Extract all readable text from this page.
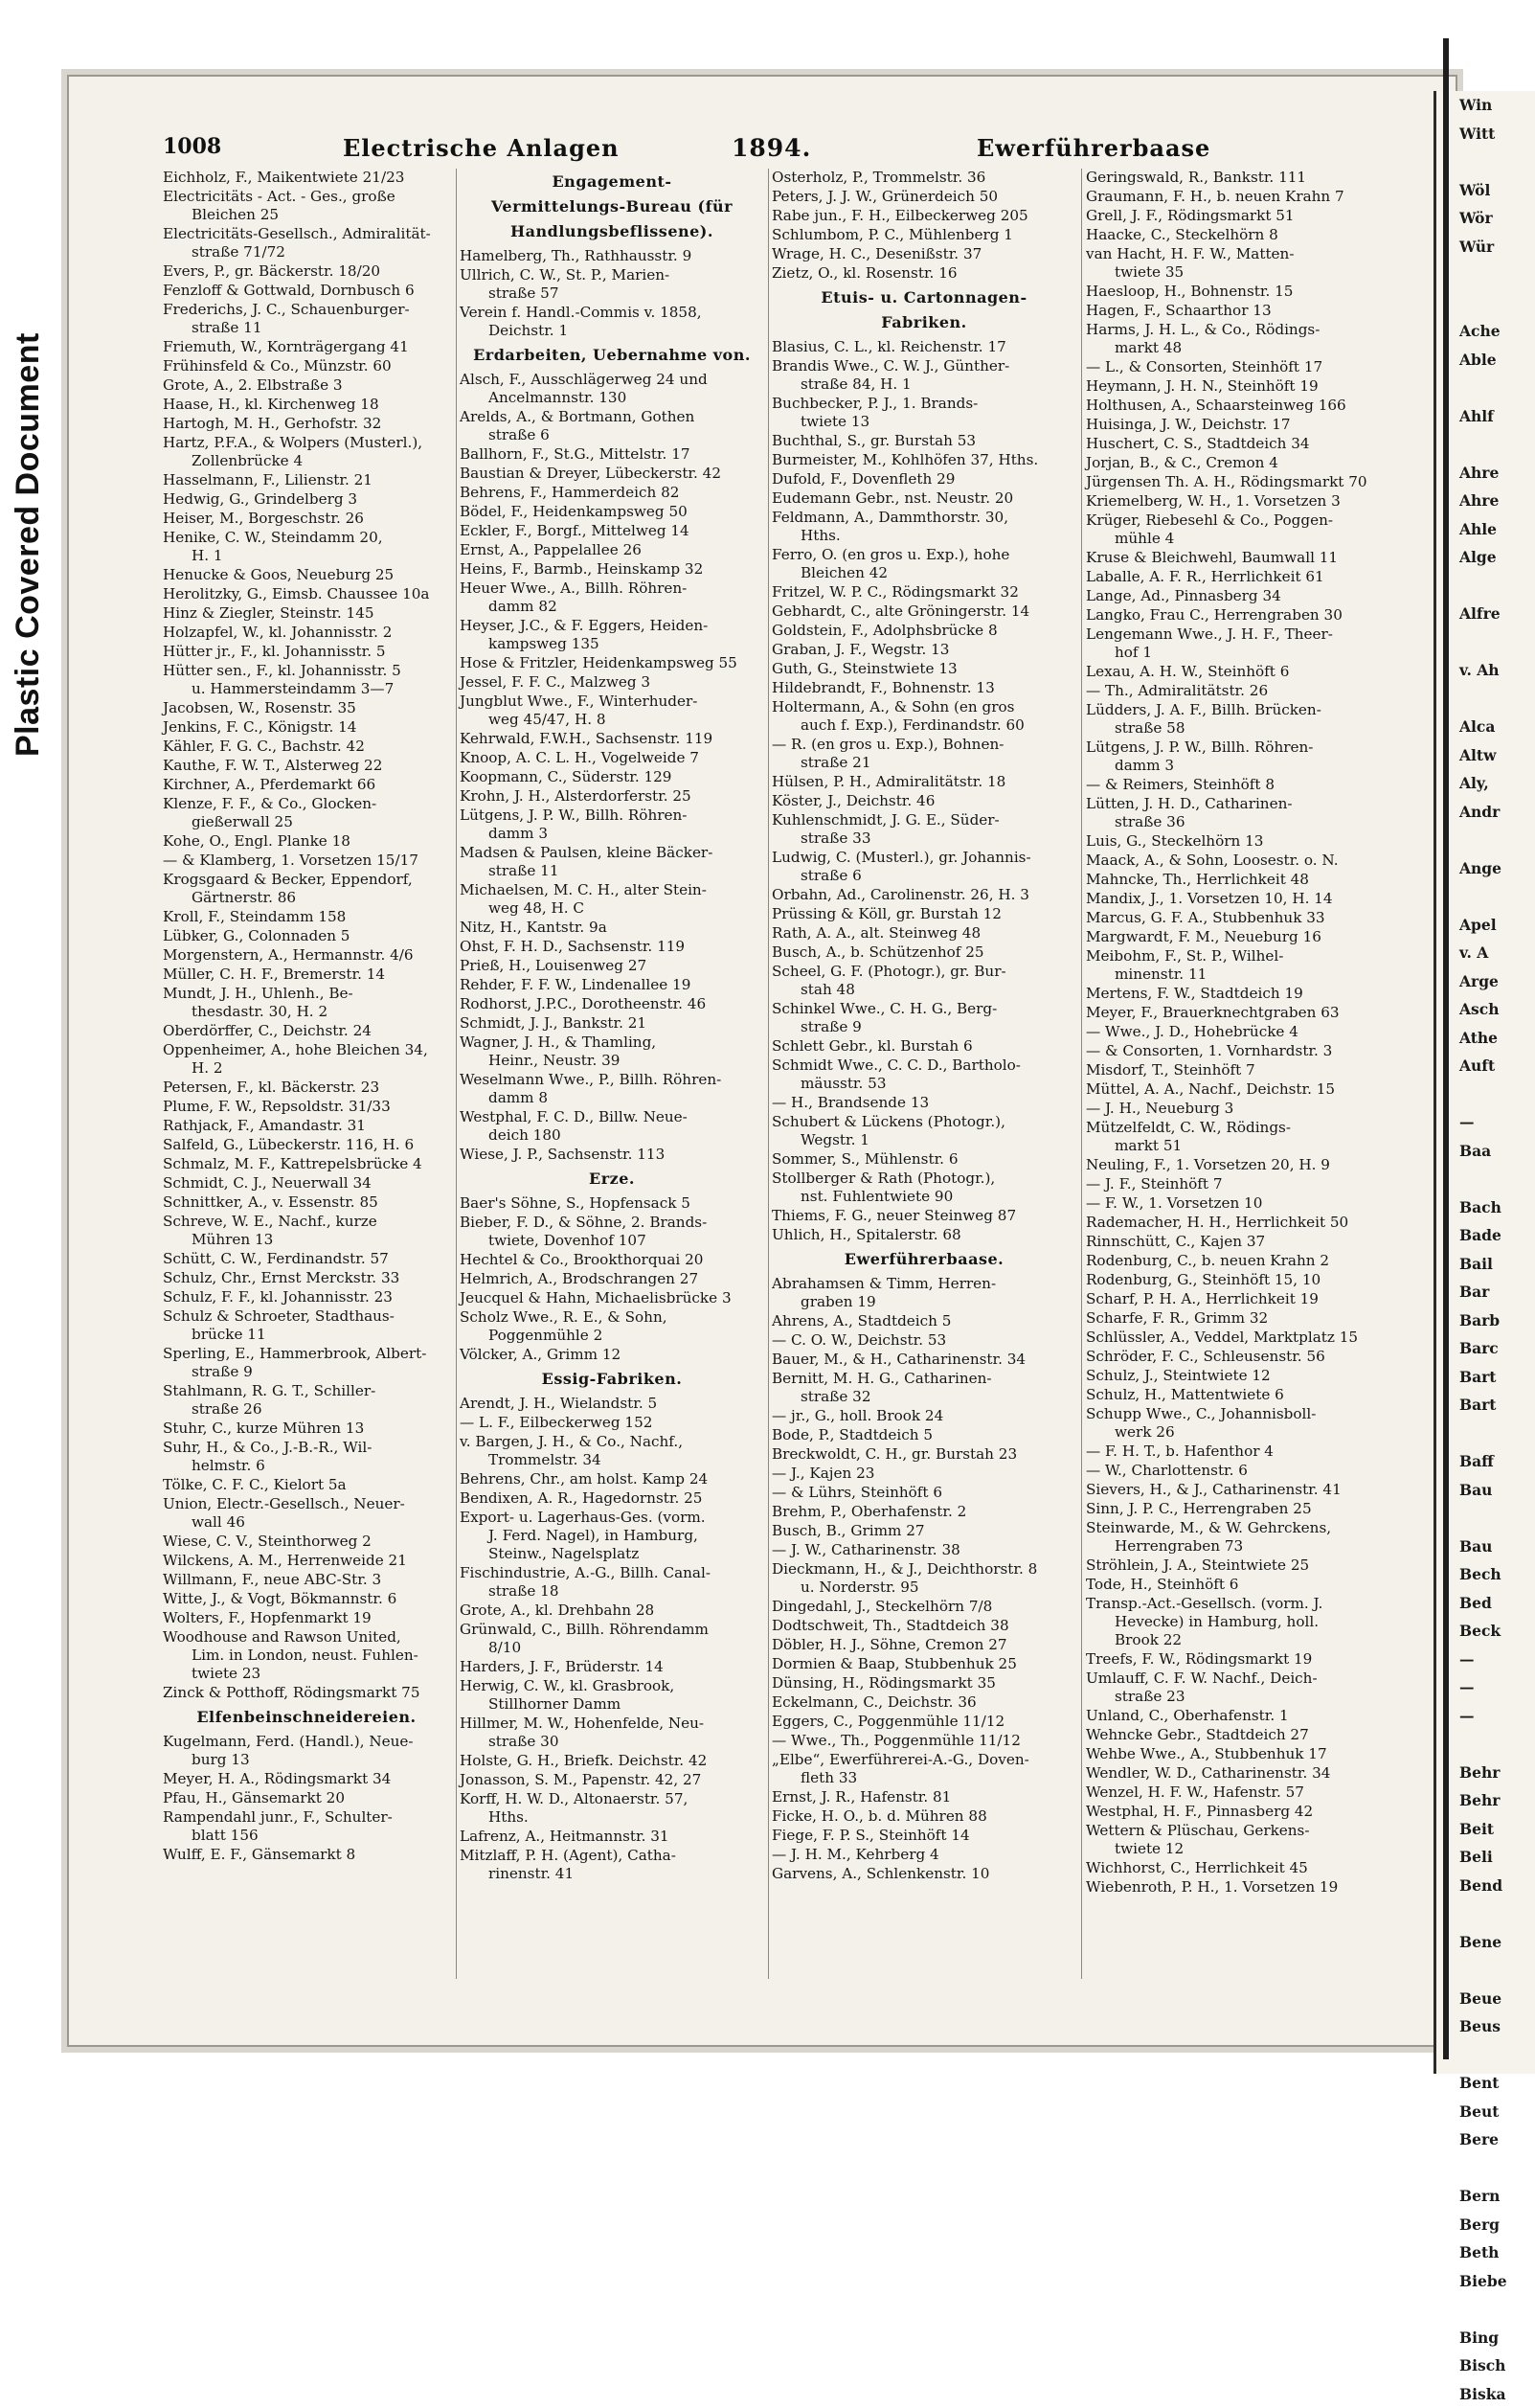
Win
Witt
Wöl
Wör
Wür
Ache
Able
Ahlf
Ahre
Ahre
Ahle
Alge
Alfre
v. Ah
Alca
Altw
Aly,
Andr
Ange
Apel
v. A
Arge
Asch
Athe
Auft
—
Baa
Bach
Bade
Bail
Bar
Barb
Barc
Bart
Bart
Baff
Bau
Bau
Bech
Bed
Beck
—
—
—
Behr
Behr
Beit
Beli
Bend
Bene
Beue
Beus
Bent
Beut
Bere
Bern
Berg
Beth
Biebe
Bing
Bisch
Biska
Plastic Covered Document
1008	Electrische Anlagen	1894.	Ewerführerbaase
Eichholz, F., Maikentwiete 21/23
Electricitäts - Act. - Ges., große
Bleichen 25
Electricitäts-Gesellsch., Admiralität-
straße 71/72
Evers, P., gr. Bäckerstr. 18/20
Fenzloff & Gottwald, Dornbusch 6
Frederichs, J. C., Schauenburger-
straße 11
Friemuth, W., Kornträgergang 41
Frühinsfeld & Co., Münzstr. 60
Grote, A., 2. Elbstraße 3
Haase, H., kl. Kirchenweg 18
Hartogh, M. H., Gerhofstr. 32
Hartz, P.F.A., & Wolpers (Musterl.),
Zollenbrücke 4
Hasselmann, F., Lilienstr. 21
Hedwig, G., Grindelberg 3
Heiser, M., Borgeschstr. 26
Henike, C. W., Steindamm 20,
H. 1
Henucke & Goos, Neueburg 25
Herolitzky, G., Eimsb. Chaussee 10a
Hinz & Ziegler, Steinstr. 145
Holzapfel, W., kl. Johannisstr. 2
Hütter jr., F., kl. Johannisstr. 5
Hütter sen., F., kl. Johannisstr. 5
u. Hammersteindamm 3—7
Jacobsen, W., Rosenstr. 35
Jenkins, F. C., Königstr. 14
Kähler, F. G. C., Bachstr. 42
Kauthe, F. W. T., Alsterweg 22
Kirchner, A., Pferdemarkt 66
Klenze, F. F., & Co., Glocken-
gießerwall 25
Kohe, O., Engl. Planke 18
— & Klamberg, 1. Vorsetzen 15/17
Krogsgaard & Becker, Eppendorf,
Gärtnerstr. 86
Kroll, F., Steindamm 158
Lübker, G., Colonnaden 5
Morgenstern, A., Hermannstr. 4/6
Müller, C. H. F., Bremerstr. 14
Mundt, J. H., Uhlenh., Be-
thesdastr. 30, H. 2
Oberdörffer, C., Deichstr. 24
Oppenheimer, A., hohe Bleichen 34,
H. 2
Petersen, F., kl. Bäckerstr. 23
Plume, F. W., Repsoldstr. 31/33
Rathjack, F., Amandastr. 31
Salfeld, G., Lübeckerstr. 116, H. 6
Schmalz, M. F., Kattrepelsbrücke 4
Schmidt, C. J., Neuerwall 34
Schnittker, A., v. Essenstr. 85
Schreve, W. E., Nachf., kurze
Mühren 13
Schütt, C. W., Ferdinandstr. 57
Schulz, Chr., Ernst Merckstr. 33
Schulz, F. F., kl. Johannisstr. 23
Schulz & Schroeter, Stadthaus-
brücke 11
Sperling, E., Hammerbrook, Albert-
straße 9
Stahlmann, R. G. T., Schiller-
straße 26
Stuhr, C., kurze Mühren 13
Suhr, H., & Co., J.-B.-R., Wil-
helmstr. 6
Tölke, C. F. C., Kielort 5a
Union, Electr.-Gesellsch., Neuer-
wall 46
Wiese, C. V., Steinthorweg 2
Wilckens, A. M., Herrenweide 21
Willmann, F., neue ABC-Str. 3
Witte, J., & Vogt, Bökmannstr. 6
Wolters, F., Hopfenmarkt 19
Woodhouse and Rawson United,
Lim. in London, neust. Fuhlen-
twiete 23
Zinck & Potthoff, Rödingsmarkt 75
Elfenbeinschneidereien.
Kugelmann, Ferd. (Handl.), Neue-
burg 13
Meyer, H. A., Rödingsmarkt 34
Pfau, H., Gänsemarkt 20
Rampendahl junr., F., Schulter-
blatt 156
Wulff, E. F., Gänsemarkt 8
Engagement-
Vermittelungs-Bureau (für
Handlungsbeflissene).
Hamelberg, Th., Rathhausstr. 9
Ullrich, C. W., St. P., Marien-
straße 57
Verein f. Handl.-Commis v. 1858,
Deichstr. 1
Erdarbeiten, Uebernahme von.
Alsch, F., Ausschlägerweg 24 und
Ancelmannstr. 130
Arelds, A., & Bortmann, Gothen
straße 6
Ballhorn, F., St.G., Mittelstr. 17
Baustian & Dreyer, Lübeckerstr. 42
Behrens, F., Hammerdeich 82
Bödel, F., Heidenkampsweg 50
Eckler, F., Borgf., Mittelweg 14
Ernst, A., Pappelallee 26
Heins, F., Barmb., Heinskamp 32
Heuer Wwe., A., Billh. Röhren-
damm 82
Heyser, J.C., & F. Eggers, Heiden-
kampsweg 135
Hose & Fritzler, Heidenkampsweg 55
Jessel, F. F. C., Malzweg 3
Jungblut Wwe., F., Winterhuder-
weg 45/47, H. 8
Kehrwald, F.W.H., Sachsenstr. 119
Knoop, A. C. L. H., Vogelweide 7
Koopmann, C., Süderstr. 129
Krohn, J. H., Alsterdorferstr. 25
Lütgens, J. P. W., Billh. Röhren-
damm 3
Madsen & Paulsen, kleine Bäcker-
straße 11
Michaelsen, M. C. H., alter Stein-
weg 48, H. C
Nitz, H., Kantstr. 9a
Ohst, F. H. D., Sachsenstr. 119
Prieß, H., Louisenweg 27
Rehder, F. F. W., Lindenallee 19
Rodhorst, J.P.C., Dorotheenstr. 46
Schmidt, J. J., Bankstr. 21
Wagner, J. H., & Thamling,
Heinr., Neustr. 39
Weselmann Wwe., P., Billh. Röhren-
damm 8
Westphal, F. C. D., Billw. Neue-
deich 180
Wiese, J. P., Sachsenstr. 113
Erze.
Baer's Söhne, S., Hopfensack 5
Bieber, F. D., & Söhne, 2. Brands-
twiete, Dovenhof 107
Hechtel & Co., Brookthorquai 20
Helmrich, A., Brodschrangen 27
Jeucquel & Hahn, Michaelisbrücke 3
Scholz Wwe., R. E., & Sohn,
Poggenmühle 2
Völcker, A., Grimm 12
Essig-Fabriken.
Arendt, J. H., Wielandstr. 5
— L. F., Eilbeckerweg 152
v. Bargen, J. H., & Co., Nachf.,
Trommelstr. 34
Behrens, Chr., am holst. Kamp 24
Bendixen, A. R., Hagedornstr. 25
Export- u. Lagerhaus-Ges. (vorm.
J. Ferd. Nagel), in Hamburg,
Steinw., Nagelsplatz
Fischindustrie, A.-G., Billh. Canal-
straße 18
Grote, A., kl. Drehbahn 28
Grünwald, C., Billh. Röhrendamm
8/10
Harders, J. F., Brüderstr. 14
Herwig, C. W., kl. Grasbrook,
Stillhorner Damm
Hillmer, M. W., Hohenfelde, Neu-
straße 30
Holste, G. H., Briefk. Deichstr. 42
Jonasson, S. M., Papenstr. 42, 27
Korff, H. W. D., Altonaerstr. 57,
Hths.
Lafrenz, A., Heitmannstr. 31
Mitzlaff, P. H. (Agent), Catha-
rinenstr. 41
Osterholz, P., Trommelstr. 36
Peters, J. J. W., Grünerdeich 50
Rabe jun., F. H., Eilbeckerweg 205
Schlumbom, P. C., Mühlenberg 1
Wrage, H. C., Desenißstr. 37
Zietz, O., kl. Rosenstr. 16
Etuis- u. Cartonnagen-
Fabriken.
Blasius, C. L., kl. Reichenstr. 17
Brandis Wwe., C. W. J., Günther-
straße 84, H. 1
Buchbecker, P. J., 1. Brands-
twiete 13
Buchthal, S., gr. Burstah 53
Burmeister, M., Kohlhöfen 37, Hths.
Dufold, F., Dovenfleth 29
Eudemann Gebr., nst. Neustr. 20
Feldmann, A., Dammthorstr. 30,
Hths.
Ferro, O. (en gros u. Exp.), hohe
Bleichen 42
Fritzel, W. P. C., Rödingsmarkt 32
Gebhardt, C., alte Gröningerstr. 14
Goldstein, F., Adolphsbrücke 8
Graban, J. F., Wegstr. 13
Guth, G., Steinstwiete 13
Hildebrandt, F., Bohnenstr. 13
Holtermann, A., & Sohn (en gros
auch f. Exp.), Ferdinandstr. 60
— R. (en gros u. Exp.), Bohnen-
straße 21
Hülsen, P. H., Admiralitätstr. 18
Köster, J., Deichstr. 46
Kuhlenschmidt, J. G. E., Süder-
straße 33
Ludwig, C. (Musterl.), gr. Johannis-
straße 6
Orbahn, Ad., Carolinenstr. 26, H. 3
Prüssing & Köll, gr. Burstah 12
Rath, A. A., alt. Steinweg 48
Busch, A., b. Schützenhof 25
Scheel, G. F. (Photogr.), gr. Bur-
stah 48
Schinkel Wwe., C. H. G., Berg-
straße 9
Schlett Gebr., kl. Burstah 6
Schmidt Wwe., C. C. D., Bartholo-
mäusstr. 53
— H., Brandsende 13
Schubert & Lückens (Photogr.),
Wegstr. 1
Sommer, S., Mühlenstr. 6
Stollberger & Rath (Photogr.),
nst. Fuhlentwiete 90
Thiems, F. G., neuer Steinweg 87
Uhlich, H., Spitalerstr. 68
Ewerführerbaase.
Abrahamsen & Timm, Herren-
graben 19
Ahrens, A., Stadtdeich 5
— C. O. W., Deichstr. 53
Bauer, M., & H., Catharinenstr. 34
Bernitt, M. H. G., Catharinen-
straße 32
— jr., G., holl. Brook 24
Bode, P., Stadtdeich 5
Breckwoldt, C. H., gr. Burstah 23
— J., Kajen 23
— & Lührs, Steinhöft 6
Brehm, P., Oberhafenstr. 2
Busch, B., Grimm 27
— J. W., Catharinenstr. 38
Dieckmann, H., & J., Deichthorstr. 8
u. Norderstr. 95
Dingedahl, J., Steckelhörn 7/8
Dodtschweit, Th., Stadtdeich 38
Döbler, H. J., Söhne, Cremon 27
Dormien & Baap, Stubbenhuk 25
Dünsing, H., Rödingsmarkt 35
Eckelmann, C., Deichstr. 36
Eggers, C., Poggenmühle 11/12
— Wwe., Th., Poggenmühle 11/12
„Elbe“, Ewerführerei-A.-G., Doven-
fleth 33
Ernst, J. R., Hafenstr. 81
Ficke, H. O., b. d. Mühren 88
Fiege, F. P. S., Steinhöft 14
— J. H. M., Kehrberg 4
Garvens, A., Schlenkenstr. 10
Geringswald, R., Bankstr. 111
Graumann, F. H., b. neuen Krahn 7
Grell, J. F., Rödingsmarkt 51
Haacke, C., Steckelhörn 8
van Hacht, H. F. W., Matten-
twiete 35
Haesloop, H., Bohnenstr. 15
Hagen, F., Schaarthor 13
Harms, J. H. L., & Co., Rödings-
markt 48
— L., & Consorten, Steinhöft 17
Heymann, J. H. N., Steinhöft 19
Holthusen, A., Schaarsteinweg 166
Huisinga, J. W., Deichstr. 17
Huschert, C. S., Stadtdeich 34
Jorjan, B., & C., Cremon 4
Jürgensen Th. A. H., Rödingsmarkt 70
Kriemelberg, W. H., 1. Vorsetzen 3
Krüger, Riebesehl & Co., Poggen-
mühle 4
Kruse & Bleichwehl, Baumwall 11
Laballe, A. F. R., Herrlichkeit 61
Lange, Ad., Pinnasberg 34
Langko, Frau C., Herrengraben 30
Lengemann Wwe., J. H. F., Theer-
hof 1
Lexau, A. H. W., Steinhöft 6
— Th., Admiralitätstr. 26
Lüdders, J. A. F., Billh. Brücken-
straße 58
Lütgens, J. P. W., Billh. Röhren-
damm 3
— & Reimers, Steinhöft 8
Lütten, J. H. D., Catharinen-
straße 36
Luis, G., Steckelhörn 13
Maack, A., & Sohn, Loosestr. o. N.
Mahncke, Th., Herrlichkeit 48
Mandix, J., 1. Vorsetzen 10, H. 14
Marcus, G. F. A., Stubbenhuk 33
Margwardt, F. M., Neueburg 16
Meibohm, F., St. P., Wilhel-
minenstr. 11
Mertens, F. W., Stadtdeich 19
Meyer, F., Brauerknechtgraben 63
— Wwe., J. D., Hohebrücke 4
— & Consorten, 1. Vornhardstr. 3
Misdorf, T., Steinhöft 7
Müttel, A. A., Nachf., Deichstr. 15
— J. H., Neueburg 3
Mützelfeldt, C. W., Rödings-
markt 51
Neuling, F., 1. Vorsetzen 20, H. 9
— J. F., Steinhöft 7
— F. W., 1. Vorsetzen 10
Rademacher, H. H., Herrlichkeit 50
Rinnschütt, C., Kajen 37
Rodenburg, C., b. neuen Krahn 2
Rodenburg, G., Steinhöft 15, 10
Scharf, P. H. A., Herrlichkeit 19
Scharfe, F. R., Grimm 32
Schlüssler, A., Veddel, Marktplatz 15
Schröder, F. C., Schleusenstr. 56
Schulz, J., Steintwiete 12
Schulz, H., Mattentwiete 6
Schupp Wwe., C., Johannisboll-
werk 26
— F. H. T., b. Hafenthor 4
— W., Charlottenstr. 6
Sievers, H., & J., Catharinenstr. 41
Sinn, J. P. C., Herrengraben 25
Steinwarde, M., & W. Gehrckens,
Herrengraben 73
Ströhlein, J. A., Steintwiete 25
Tode, H., Steinhöft 6
Transp.-Act.-Gesellsch. (vorm. J.
Hevecke) in Hamburg, holl.
Brook 22
Treefs, F. W., Rödingsmarkt 19
Umlauff, C. F. W. Nachf., Deich-
straße 23
Unland, C., Oberhafenstr. 1
Wehncke Gebr., Stadtdeich 27
Wehbe Wwe., A., Stubbenhuk 17
Wendler, W. D., Catharinenstr. 34
Wenzel, H. F. W., Hafenstr. 57
Westphal, H. F., Pinnasberg 42
Wettern & Plüschau, Gerkens-
twiete 12
Wichhorst, C., Herrlichkeit 45
Wiebenroth, P. H., 1. Vorsetzen 19
